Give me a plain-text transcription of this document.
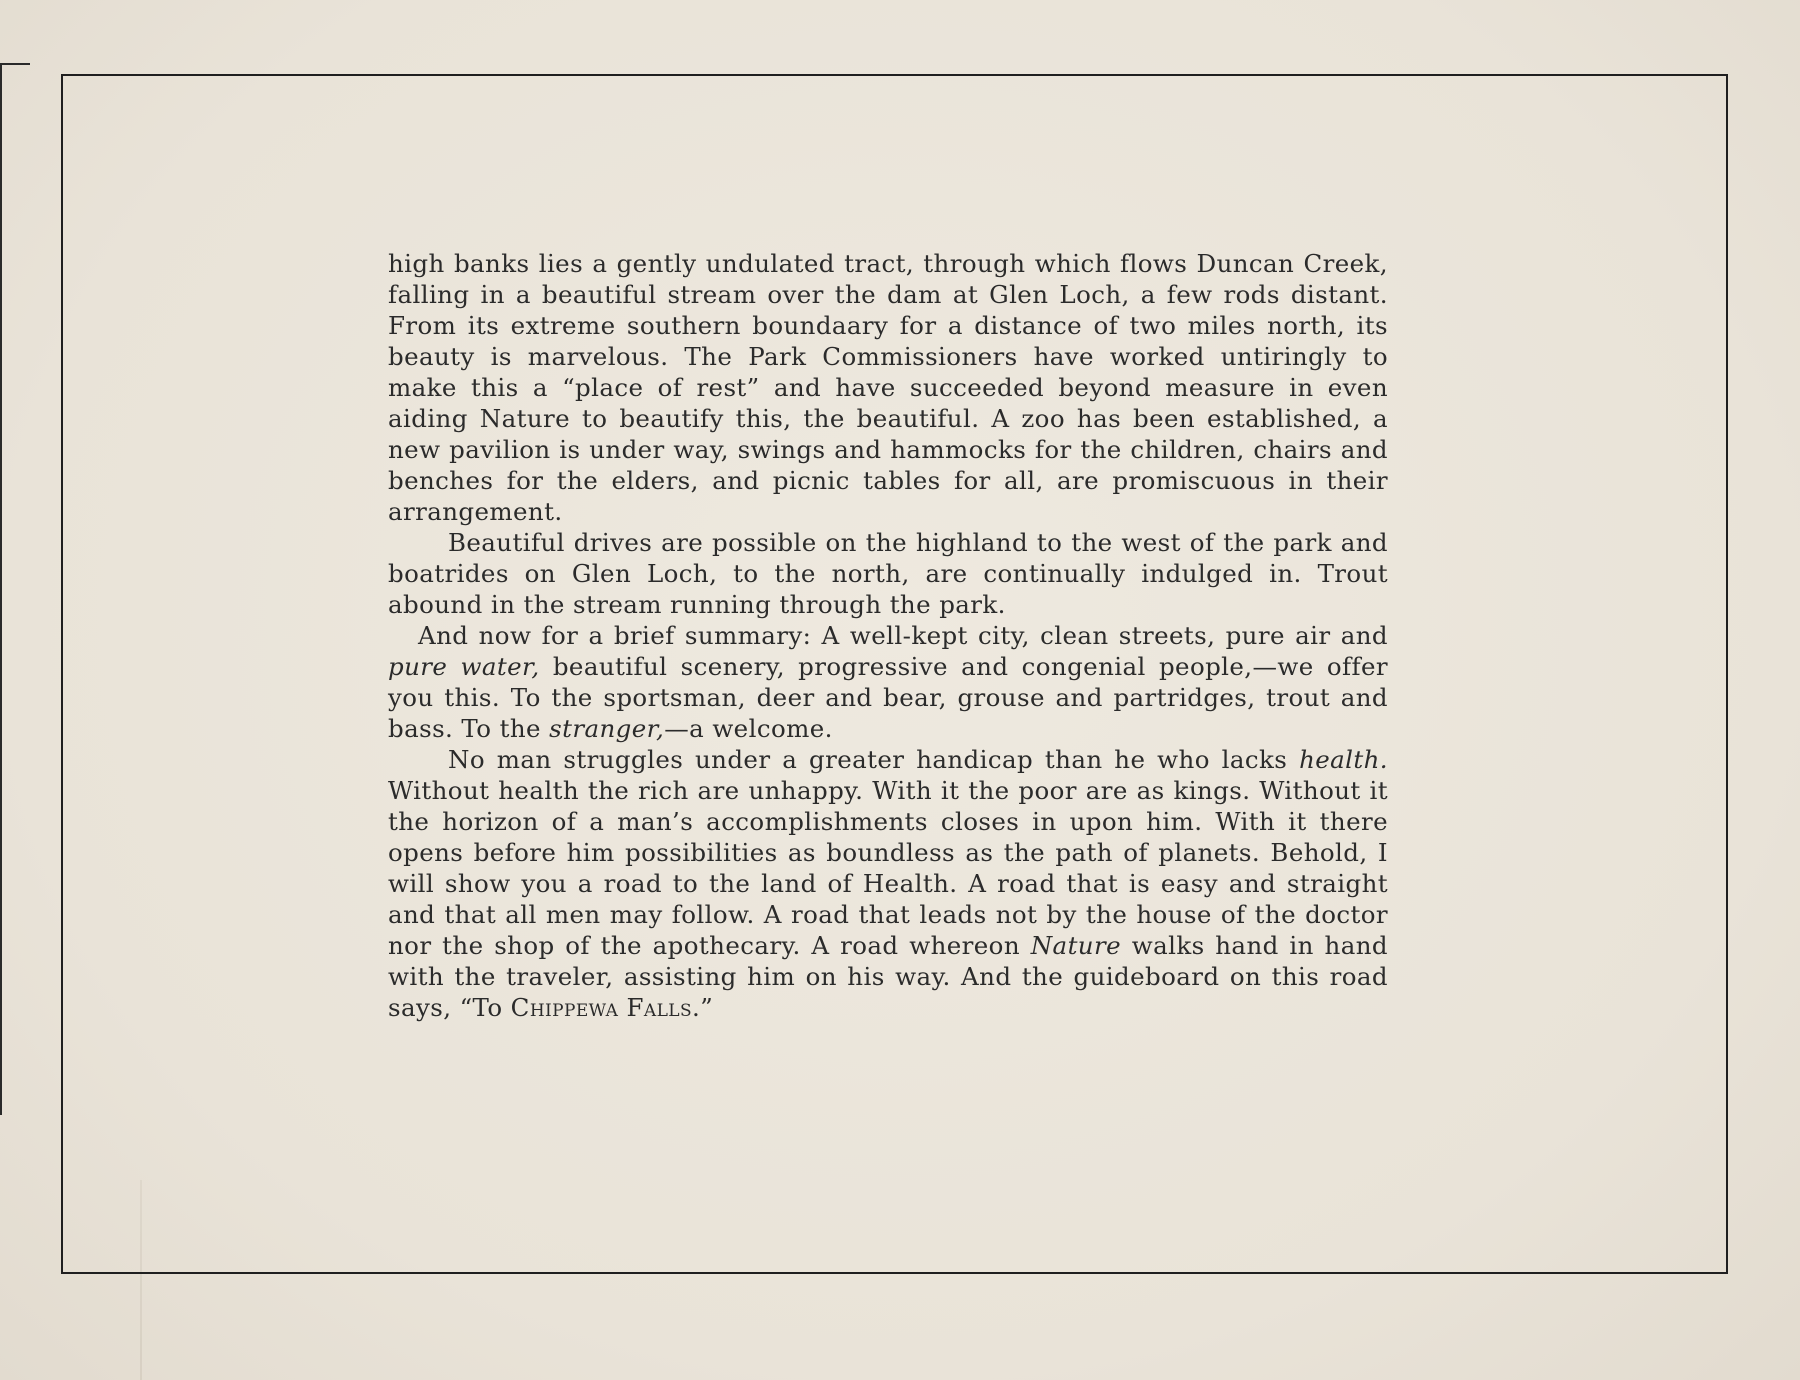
high banks lies a gently undulated tract, through which flows Duncan Creek, falling in a beautiful stream over the dam at Glen Loch, a few rods distant. From its extreme southern boundaary for a distance of two miles north, its beauty is marvelous. The Park Commissioners have worked untiringly to make this a “place of rest” and have succeeded beyond measure in even aiding Nature to beautify this, the beautiful. A zoo has been established, a new pavilion is under way, swings and hammocks for the children, chairs and benches for the elders, and picnic tables for all, are promiscuous in their arrangement.

Beautiful drives are possible on the highland to the west of the park and boatrides on Glen Loch, to the north, are continually indulged in. Trout abound in the stream running through the park.

And now for a brief summary: A well-kept city, clean streets, pure air and pure water, beautiful scenery, progressive and congenial people,—we offer you this. To the sportsman, deer and bear, grouse and partridges, trout and bass. To the stranger,—a welcome.

No man struggles under a greater handicap than he who lacks health. Without health the rich are unhappy. With it the poor are as kings. Without it the horizon of a man’s accomplishments closes in upon him. With it there opens before him possibilities as boundless as the path of planets. Behold, I will show you a road to the land of Health. A road that is easy and straight and that all men may follow. A road that leads not by the house of the doctor nor the shop of the apothecary. A road whereon Nature walks hand in hand with the traveler, assisting him on his way. And the guideboard on this road says, “To Chippewa Falls.”
